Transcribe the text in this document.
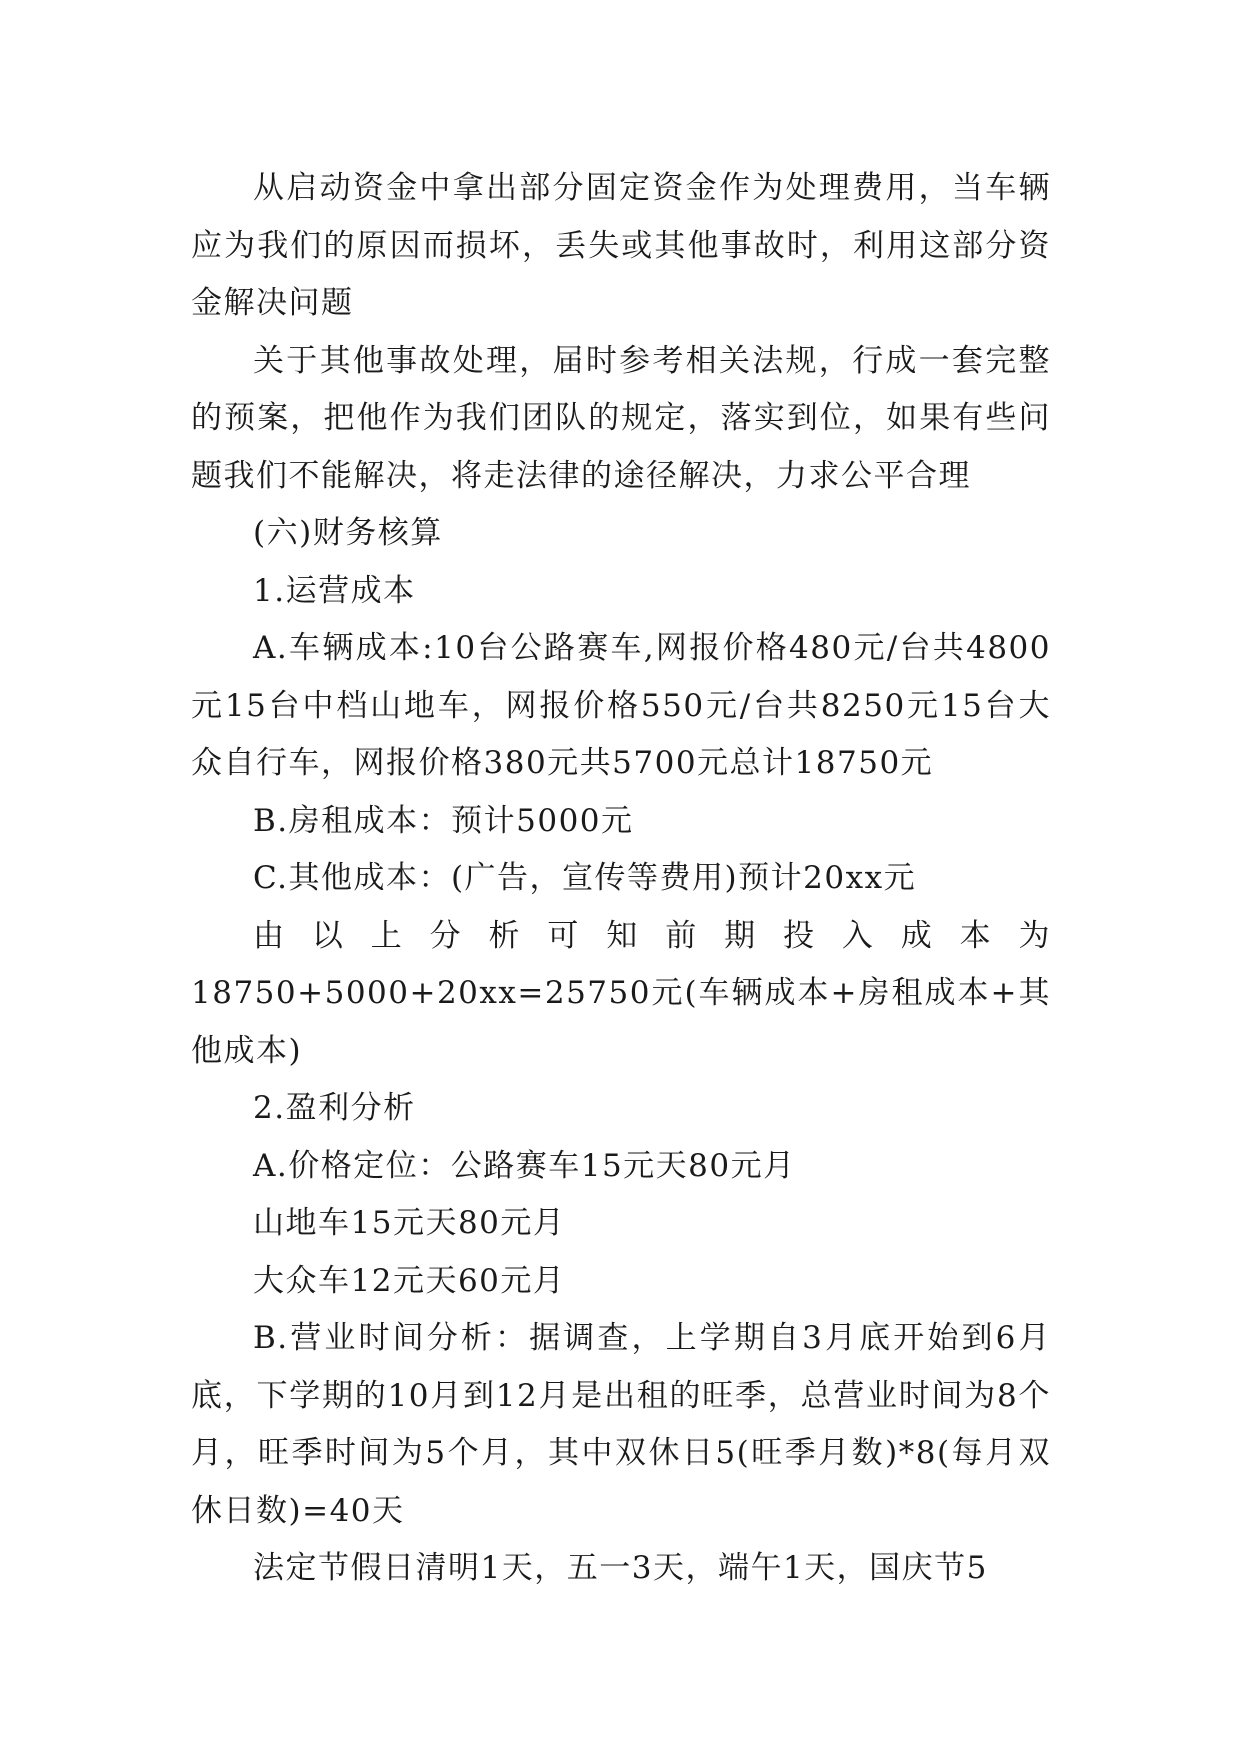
从启动资金中拿出部分固定资金作为处理费用，当车辆应为我们的原因而损坏，丢失或其他事故时，利用这部分资金解决问题

关于其他事故处理，届时参考相关法规，行成一套完整的预案，把他作为我们团队的规定，落实到位，如果有些问题我们不能解决，将走法律的途径解决，力求公平合理

(六)财务核算

1.运营成本

A.车辆成本:10台公路赛车,网报价格480元/台共4800元15台中档山地车，网报价格550元/台共8250元15台大众自行车，网报价格380元共5700元总计18750元

B.房租成本：预计5000元

C.其他成本：(广告，宣传等费用)预计20xx元

由以上分析可知前期投入成本为

18750+5000+20xx=25750元(车辆成本+房租成本+其他成本)

2.盈利分析

A.价格定位：公路赛车15元天80元月

山地车15元天80元月

大众车12元天60元月

B.营业时间分析：据调查，上学期自3月底开始到6月底，下学期的10月到12月是出租的旺季，总营业时间为8个月，旺季时间为5个月，其中双休日5(旺季月数)*8(每月双休日数)=40天

法定节假日清明1天，五一3天，端午1天，国庆节5
